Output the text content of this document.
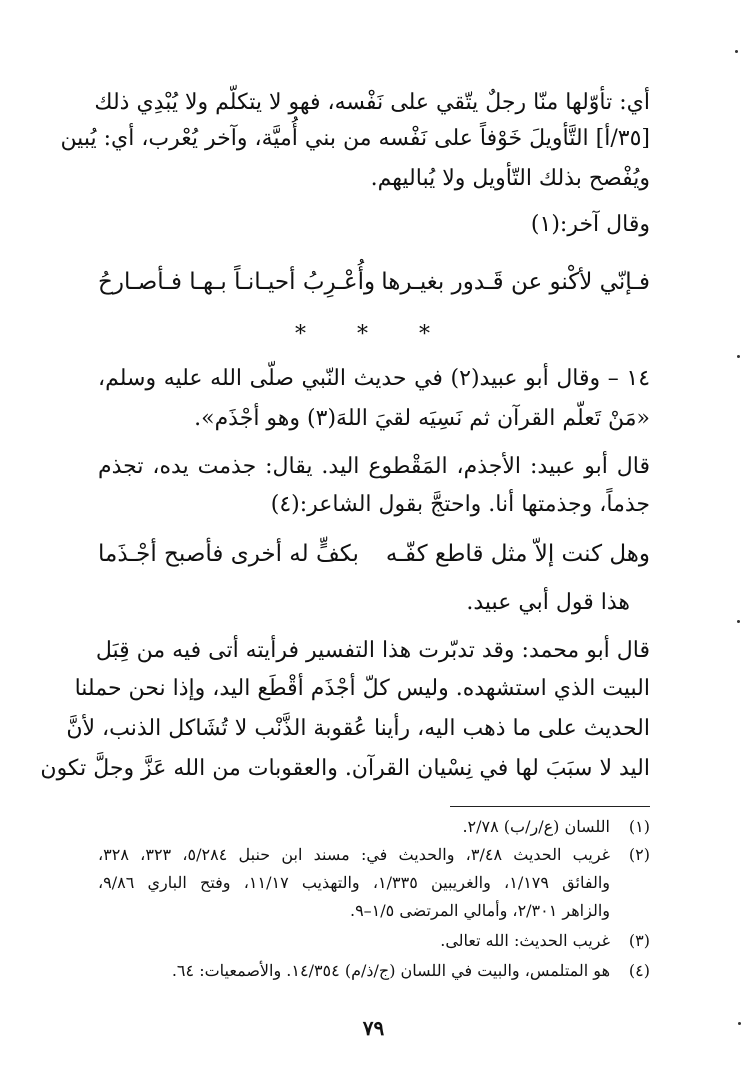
أي: تأوّلها منّا رجلٌ يتّقي على نَفْسه، فهو لا يتكلّم ولا يُبْدِي ذلك
[٣٥/أ] التَّأويلَ خَوْفاً على نَفْسه من بني أُميَّة، وآخر يُعْرب، أي: يُبين
ويُفْصح بذلك التّأويل ولا يُباليهم.
وقال آخر:(١)
فـإنّي لأكْنو عن قَـدور بغيـرها
وأُعْـرِبُ أحيـانـاً بـهـا فـأصـارحُ
* * *
١٤ – وقال أبو عبيد(٢) في حديث النّبي صلّى الله عليه وسلم،
«مَنْ تَعلّم القرآن ثم نَسِيَه لقيَ اللهَ(٣) وهو أجْذَم».
قال أبو عبيد: الأجذم، المَقْطوع اليد. يقال: جذمت يده، تجذم
جذماً، وجذمتها أنا. واحتجَّ بقول الشاعر:(٤)
وهل كنت إلاّ مثل قاطع كفّـه
بكفٍّ له أخرى فأصبح أجْـذَما
هذا قول أبي عبيد.
قال أبو محمد: وقد تدبّرت هذا التفسير فرأيته أتى فيه من قِبَل
البيت الذي استشهده. وليس كلّ أجْذَم أقْطَع اليد، وإذا نحن حملنا
الحديث على ما ذهب اليه، رأينا عُقوبة الذَّنْب لا تُشَاكل الذنب، لأنَّ
اليد لا سبَبَ لها في نِسْيان القرآن. والعقوبات من الله عَزَّ وجلَّ تكون
(١)
اللسان (ع/ر/ب) ٢/٧٨.
(٢)
غريب الحديث ٣/٤٨، والحديث في: مسند ابن حنبل ٥/٢٨٤، ٣٢٣، ٣٢٨،
والفائق ١/١٧٩، والغريبين ١/٣٣٥، والتهذيب ١١/١٧، وفتح الباري ٩/٨٦،
والزاهر ٢/٣٠١، وأمالي المرتضى ١/٥–٩.
(٣)
غريب الحديث: الله تعالى.
(٤)
هو المتلمس، والبيت في اللسان (ج/ذ/م) ١٤/٣٥٤. والأصمعيات: ٦٤.
٧٩
